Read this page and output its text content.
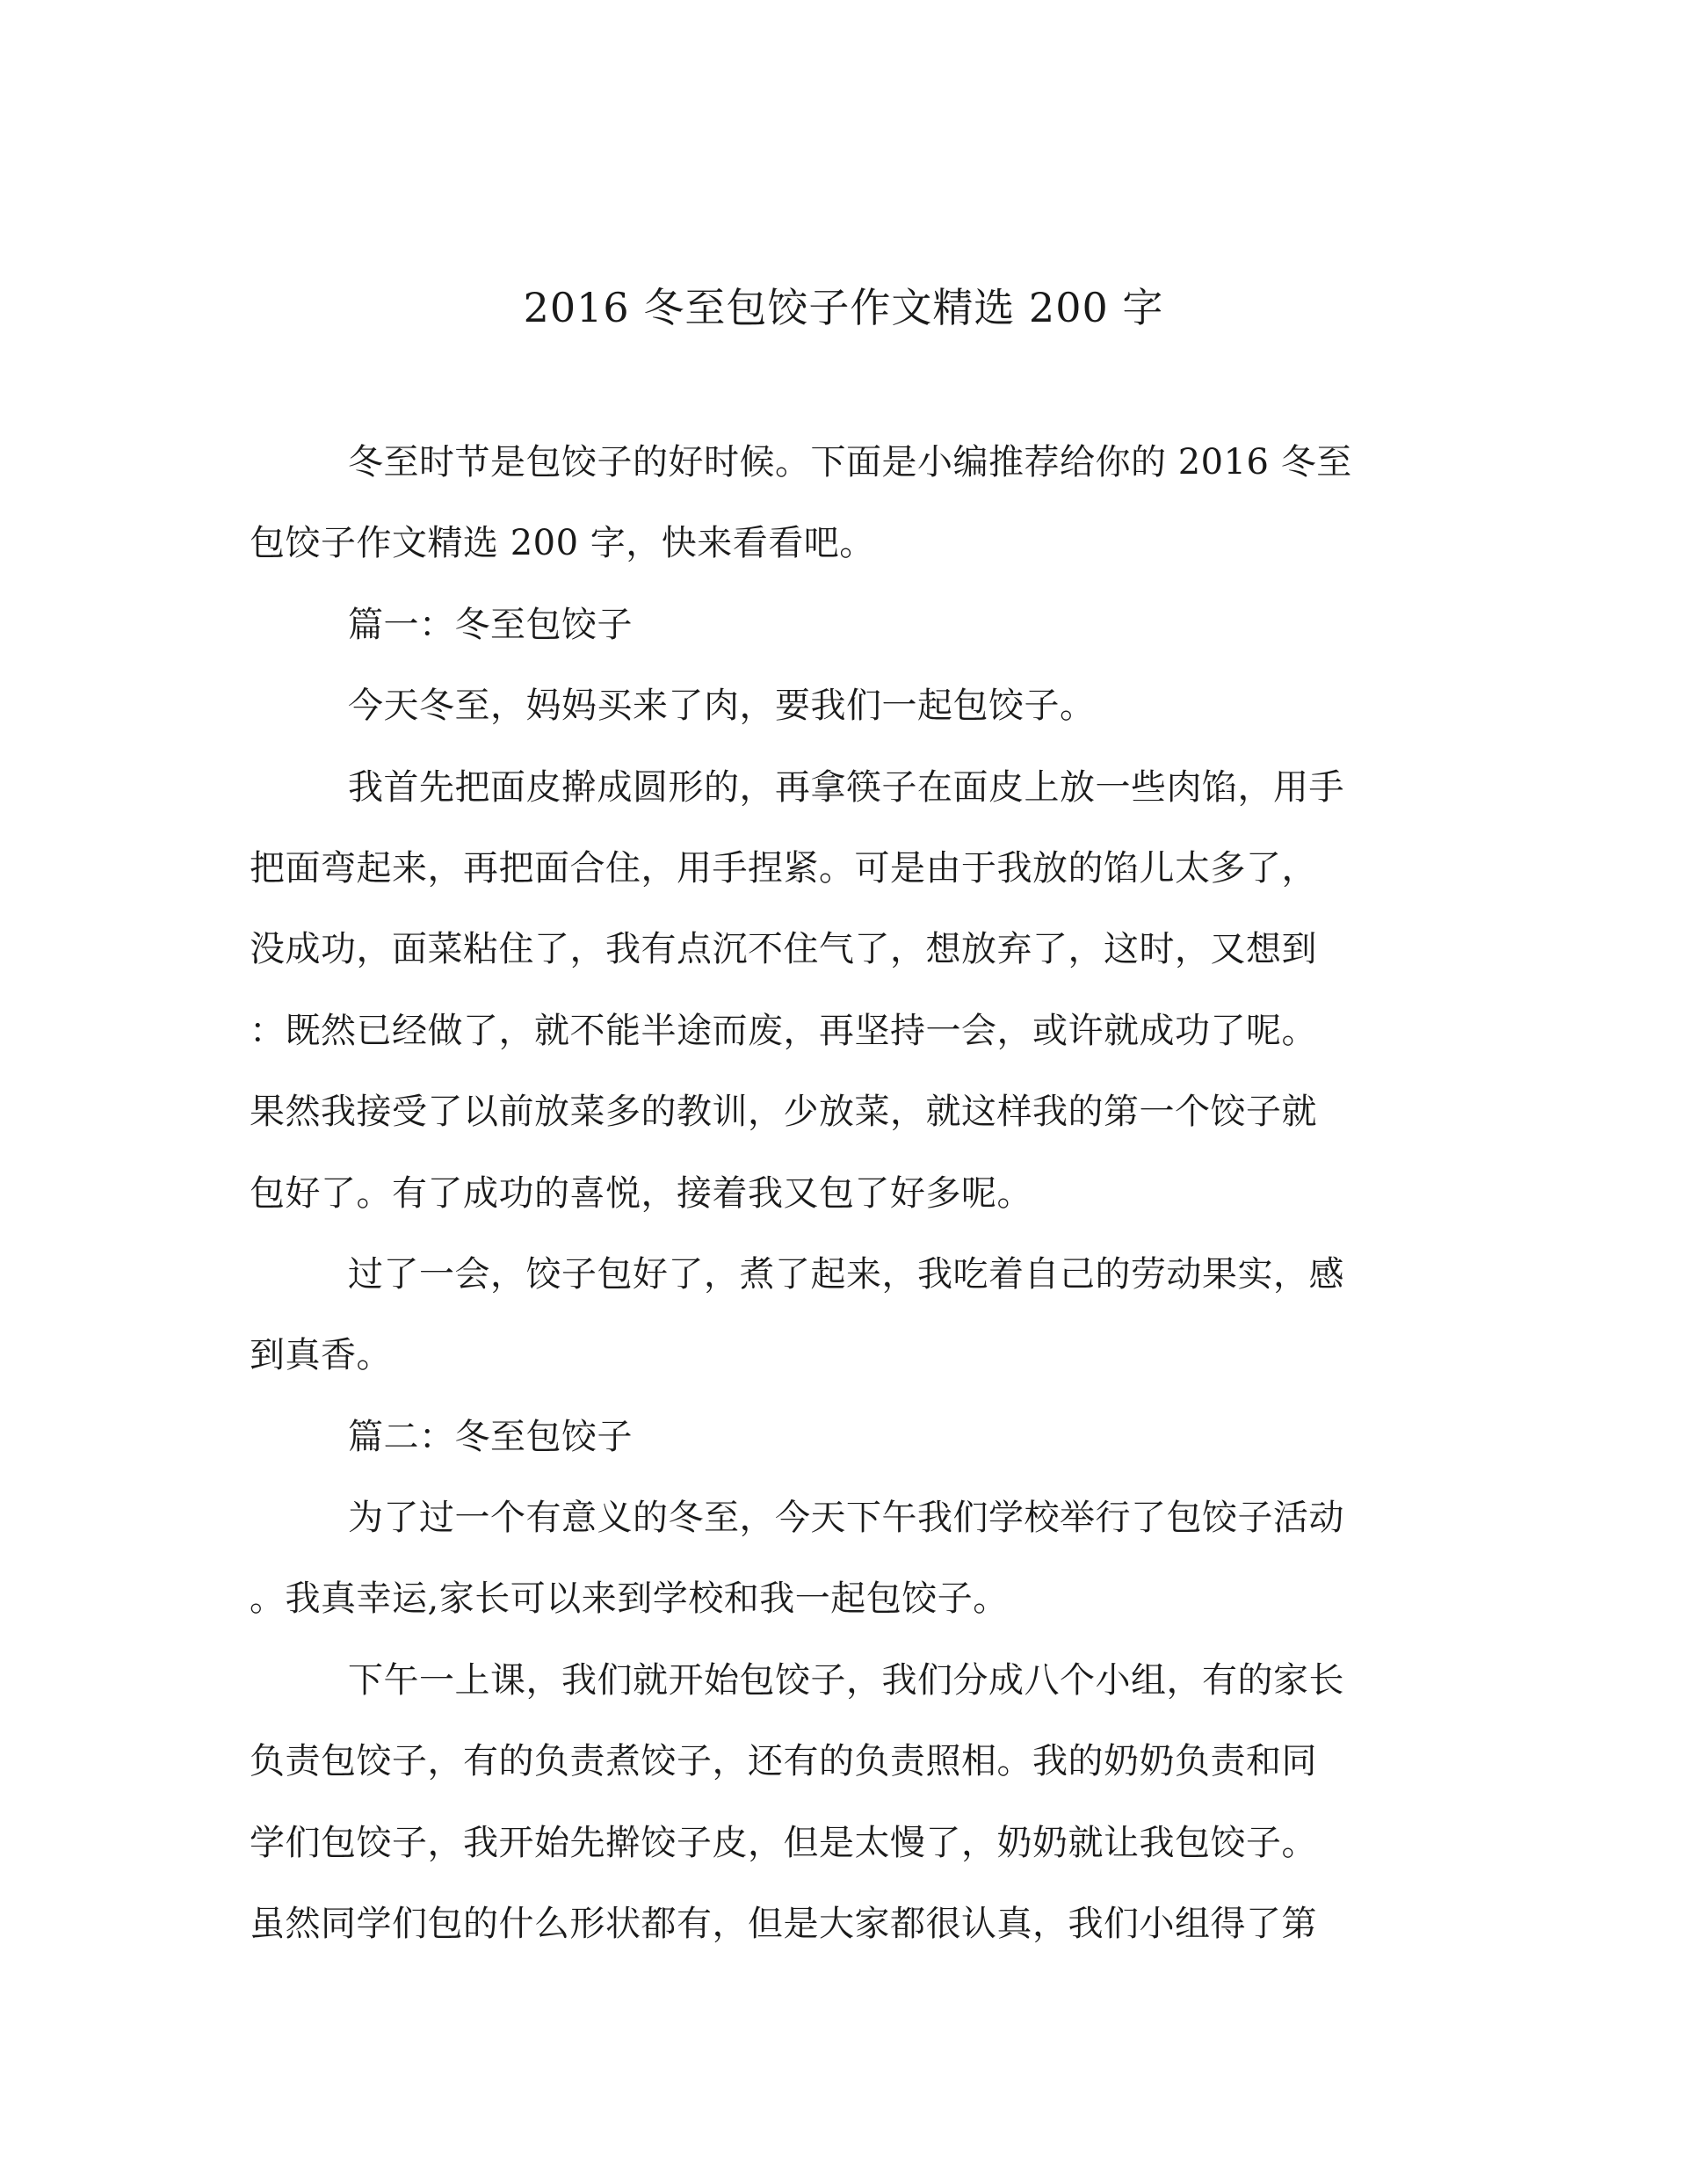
2016 冬至包饺子作文精选 200 字

冬至时节是包饺子的好时候。下面是小编推荐给你的 2016 冬至

包饺子作文精选 200 字，快来看看吧。

篇一：冬至包饺子

今天冬至，妈妈买来了肉，要我们一起包饺子。

我首先把面皮擀成圆形的，再拿筷子在面皮上放一些肉馅，用手

把面弯起来，再把面合住，用手捏紧。可是由于我放的馅儿太多了，

没成功，面菜粘住了，我有点沉不住气了，想放弃了，这时，又想到

：既然已经做了，就不能半途而废，再坚持一会，或许就成功了呢。

果然我接受了以前放菜多的教训，少放菜，就这样我的第一个饺子就

包好了。有了成功的喜悦，接着我又包了好多呢。

过了一会，饺子包好了，煮了起来，我吃着自己的劳动果实，感

到真香。

篇二：冬至包饺子

为了过一个有意义的冬至，今天下午我们学校举行了包饺子活动

。我真幸运,家长可以来到学校和我一起包饺子。

下午一上课，我们就开始包饺子，我们分成八个小组，有的家长

负责包饺子，有的负责煮饺子，还有的负责照相。我的奶奶负责和同

学们包饺子，我开始先擀饺子皮，但是太慢了，奶奶就让我包饺子。

虽然同学们包的什么形状都有，但是大家都很认真，我们小组得了第
